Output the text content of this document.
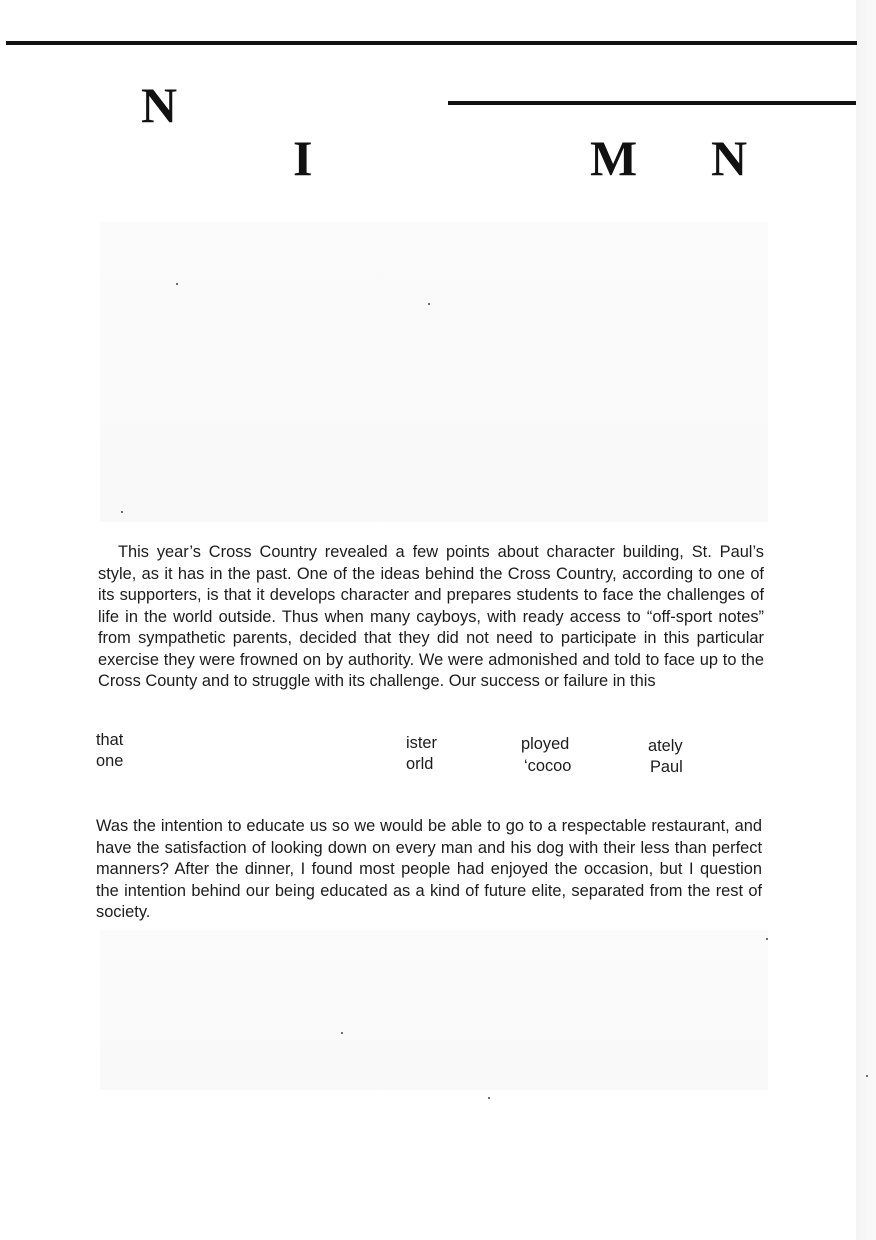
N
I	M N

This year’s Cross Country revealed a few points about character building, St. Paul’s style, as it has in the past. One of the ideas behind the Cross Country, according to one of its supporters, is that it develops character and prepares students to face the challenges of life in the world outside. Thus when many cayboys, with ready access to “off-sport notes” from sympathetic parents, decided that they did not need to participate in this particular exercise they were frowned on by authority. We were admonished and told to face up to the Cross County and to struggle with its challenge. Our success or failure in this

that	ister	ployed	ately
one	orld	‘cocoo	Paul

Was the intention to educate us so we would be able to go to a respectable restaurant, and have the satisfaction of looking down on every man and his dog with their less than perfect manners? After the dinner, I found most people had enjoyed the occasion, but I question the intention behind our being educated as a kind of future elite, separated from the rest of society.
